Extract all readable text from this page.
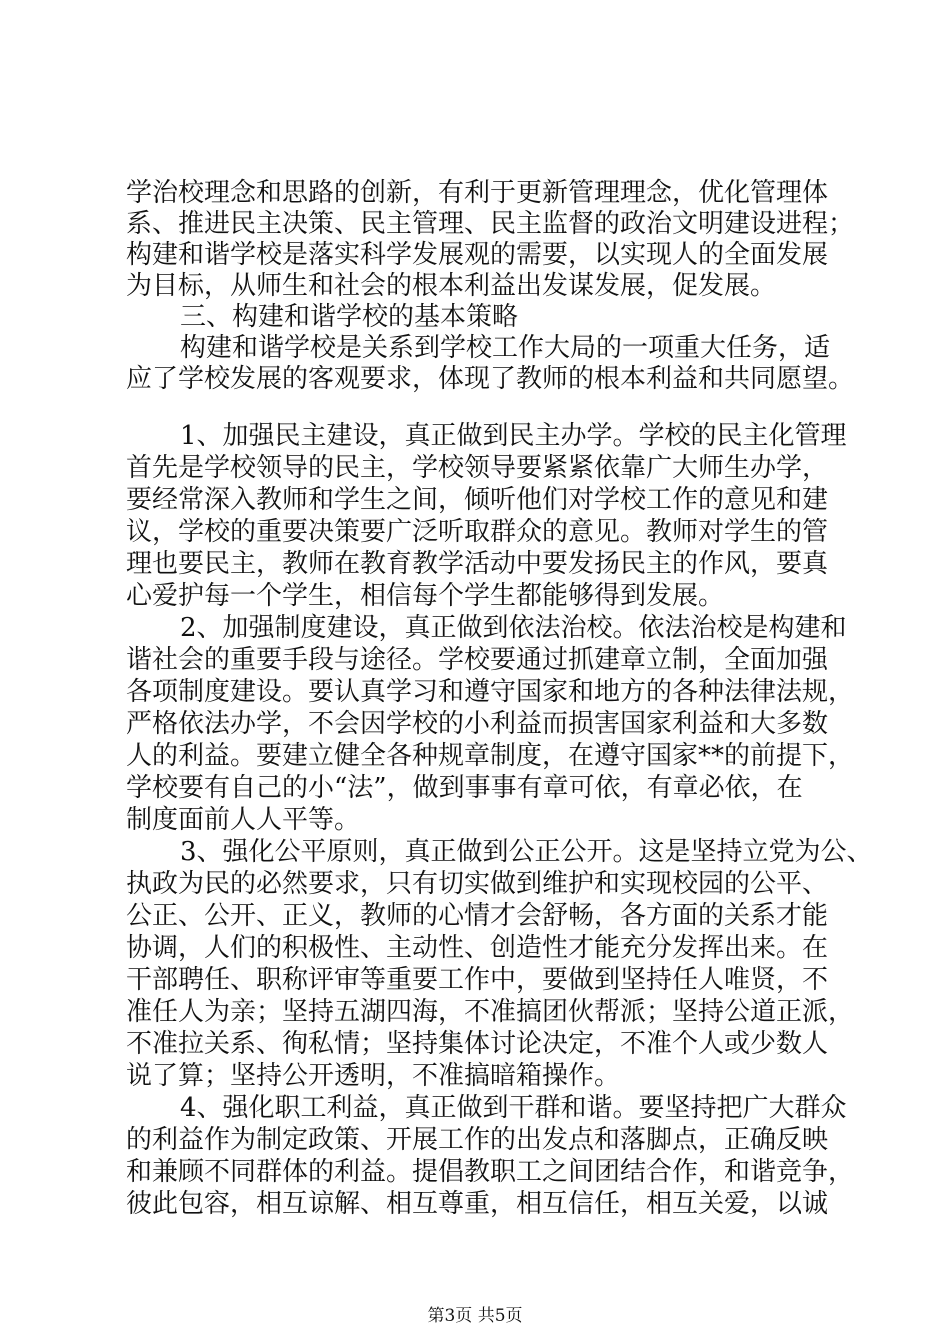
学治校理念和思路的创新，有利于更新管理理念，优化管理体
系、推进民主决策、民主管理、民主监督的政治文明建设进程；
构建和谐学校是落实科学发展观的需要，以实现人的全面发展
为目标，从师生和社会的根本利益出发谋发展，促发展。
三、构建和谐学校的基本策略
构建和谐学校是关系到学校工作大局的一项重大任务，适
应了学校发展的客观要求，体现了教师的根本利益和共同愿望。
1、加强民主建设，真正做到民主办学。学校的民主化管理
首先是学校领导的民主，学校领导要紧紧依靠广大师生办学，
要经常深入教师和学生之间，倾听他们对学校工作的意见和建
议，学校的重要决策要广泛听取群众的意见。教师对学生的管
理也要民主，教师在教育教学活动中要发扬民主的作风，要真
心爱护每一个学生，相信每个学生都能够得到发展。
2、加强制度建设，真正做到依法治校。依法治校是构建和
谐社会的重要手段与途径。学校要通过抓建章立制，全面加强
各项制度建设。要认真学习和遵守国家和地方的各种法律法规，
严格依法办学，不会因学校的小利益而损害国家利益和大多数
人的利益。要建立健全各种规章制度，在遵守国家**的前提下，
学校要有自己的小“法”，做到事事有章可依，有章必依，在
制度面前人人平等。
3、强化公平原则，真正做到公正公开。这是坚持立党为公、
执政为民的必然要求，只有切实做到维护和实现校园的公平、
公正、公开、正义，教师的心情才会舒畅，各方面的关系才能
协调，人们的积极性、主动性、创造性才能充分发挥出来。在
干部聘任、职称评审等重要工作中，要做到坚持任人唯贤，不
准任人为亲；坚持五湖四海，不准搞团伙帮派；坚持公道正派，
不准拉关系、徇私情；坚持集体讨论决定，不准个人或少数人
说了算；坚持公开透明，不准搞暗箱操作。
4、强化职工利益，真正做到干群和谐。要坚持把广大群众
的利益作为制定政策、开展工作的出发点和落脚点，正确反映
和兼顾不同群体的利益。提倡教职工之间团结合作，和谐竞争，
彼此包容，相互谅解、相互尊重，相互信任，相互关爱，以诚
第3页 共5页
